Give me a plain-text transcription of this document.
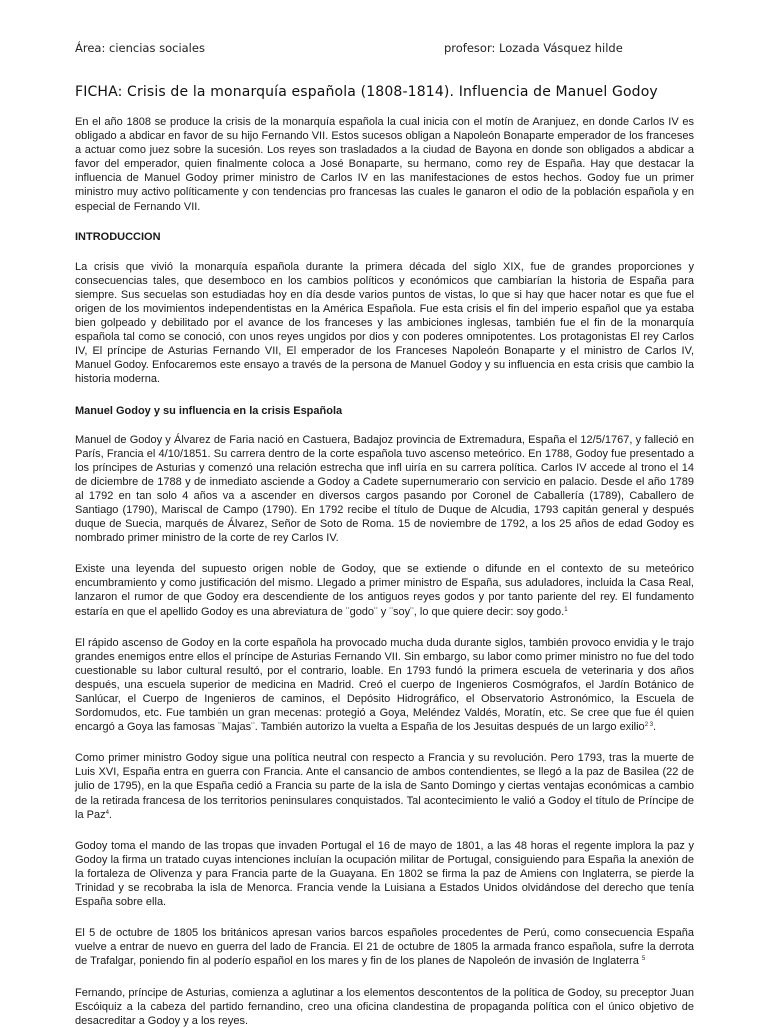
Área: ciencias sociales	profesor: Lozada Vásquez hilde
FICHA: Crisis de la monarquía española (1808-1814). Influencia de Manuel Godoy

En el año 1808 se produce la crisis de la monarquía española la cual inicia con el motín de Aranjuez, en donde Carlos IV es obligado a abdicar en favor de su hijo Fernando VII. Estos sucesos obligan a Napoleón Bonaparte emperador de los franceses a actuar como juez sobre la sucesión. Los reyes son trasladados a la ciudad de Bayona en donde son obligados a abdicar a favor del emperador, quien finalmente coloca a José Bonaparte, su hermano, como rey de España. Hay que destacar la influencia de Manuel Godoy primer ministro de Carlos IV en las manifestaciones de estos hechos. Godoy fue un primer ministro muy activo políticamente y con tendencias pro francesas las cuales le ganaron el odio de la población española y en especial de Fernando VII.

INTRODUCCION

La crisis que vivió la monarquía española durante la primera década del siglo XIX, fue de grandes proporciones y consecuencias tales, que desemboco en los cambios políticos y económicos que cambiarían la historia de España para siempre. Sus secuelas son estudiadas hoy en día desde varios puntos de vistas, lo que si hay que hacer notar es que fue el origen de los movimientos independentistas en la América Española. Fue esta crisis el fin del imperio español que ya estaba bien golpeado y debilitado por el avance de los franceses y las ambiciones inglesas, también fue el fin de la monarquía española tal como se conoció, con unos reyes ungidos por dios y con poderes omnipotentes. Los protagonistas El rey Carlos IV, El príncipe de Asturias Fernando VII, El emperador de los Franceses Napoleón Bonaparte y el ministro de Carlos IV, Manuel Godoy. Enfocaremos este ensayo a través de la persona de Manuel Godoy y su influencia en esta crisis que cambio la historia moderna.

Manuel Godoy y su influencia en la crisis Española

Manuel de Godoy y Álvarez de Faria nació en Castuera, Badajoz provincia de Extremadura, España el 12/5/1767, y falleció en París, Francia el 4/10/1851. Su carrera dentro de la corte española tuvo ascenso meteórico. En 1788, Godoy fue presentado a los príncipes de Asturias y comenzó una relación estrecha que infl uiría en su carrera política. Carlos IV accede al trono el 14 de diciembre de 1788 y de inmediato asciende a Godoy a Cadete supernumerario con servicio en palacio. Desde el año 1789 al 1792 en tan solo 4 años va a ascender en diversos cargos pasando por Coronel de Caballería (1789), Caballero de Santiago (1790), Mariscal de Campo (1790). En 1792 recibe el título de Duque de Alcudia, 1793 capitán general y después duque de Suecia, marqués de Álvarez, Señor de Soto de Roma. 15 de noviembre de 1792, a los 25 años de edad Godoy es nombrado primer ministro de la corte de rey Carlos IV.

Existe una leyenda del supuesto origen noble de Godoy, que se extiende o difunde en el contexto de su meteórico encumbramiento y como justificación del mismo. Llegado a primer ministro de España, sus aduladores, incluida la Casa Real, lanzaron el rumor de que Godoy era descendiente de los antiguos reyes godos y por tanto pariente del rey. El fundamento estaría en que el apellido Godoy es una abreviatura de ¨godo¨ y ¨soy¨, lo que quiere decir: soy godo.$^1$

El rápido ascenso de Godoy en la corte española ha provocado mucha duda durante siglos, también provoco envidia y le trajo grandes enemigos entre ellos el príncipe de Asturias Fernando VII. Sin embargo, su labor como primer ministro no fue del todo cuestionable su labor cultural resultó, por el contrario, loable. En 1793 fundó la primera escuela de veterinaria y dos años después, una escuela superior de medicina en Madrid. Creó el cuerpo de Ingenieros Cosmógrafos, el Jardín Botánico de Sanlúcar, el Cuerpo de Ingenieros de caminos, el Depósito Hidrográfico, el Observatorio Astronómico, la Escuela de Sordomudos, etc. Fue también un gran mecenas: protegió a Goya, Meléndez Valdés, Moratín, etc. Se cree que fue él quien encargó a Goya las famosas ¨Majas¨. También autorizo la vuelta a España de los Jesuitas después de un largo exilio$^{2 3}$.

Como primer ministro Godoy sigue una política neutral con respecto a Francia y su revolución. Pero 1793, tras la muerte de Luis XVI, España entra en guerra con Francia. Ante el cansancio de ambos contendientes, se llegó a la paz de Basilea (22 de julio de 1795), en la que España cedió a Francia su parte de la isla de Santo Domingo y ciertas ventajas económicas a cambio de la retirada francesa de los territorios peninsulares conquistados. Tal acontecimiento le valió a Godoy el título de Príncipe de la Paz$^4$.

Godoy toma el mando de las tropas que invaden Portugal el 16 de mayo de 1801, a las 48 horas el regente implora la paz y Godoy la firma un tratado cuyas intenciones incluían la ocupación militar de Portugal, consiguiendo para España la anexión de la fortaleza de Olivenza y para Francia parte de la Guayana. En 1802 se firma la paz de Amiens con Inglaterra, se pierde la Trinidad y se recobraba la isla de Menorca. Francia vende la Luisiana a Estados Unidos olvidándose del derecho que tenía España sobre ella.

El 5 de octubre de 1805 los británicos apresan varios barcos españoles procedentes de Perú, como consecuencia España vuelve a entrar de nuevo en guerra del lado de Francia. El 21 de octubre de 1805 la armada franco española, sufre la derrota de Trafalgar, poniendo fin al poderío español en los mares y fin de los planes de Napoleón de invasión de Inglaterra $^5$

Fernando, príncipe de Asturias, comienza a aglutinar a los elementos descontentos de la política de Godoy, su preceptor Juan Escóiquiz a la cabeza del partido fernandino, creo una oficina clandestina de propaganda política con el único objetivo de desacreditar a Godoy y a los reyes.
